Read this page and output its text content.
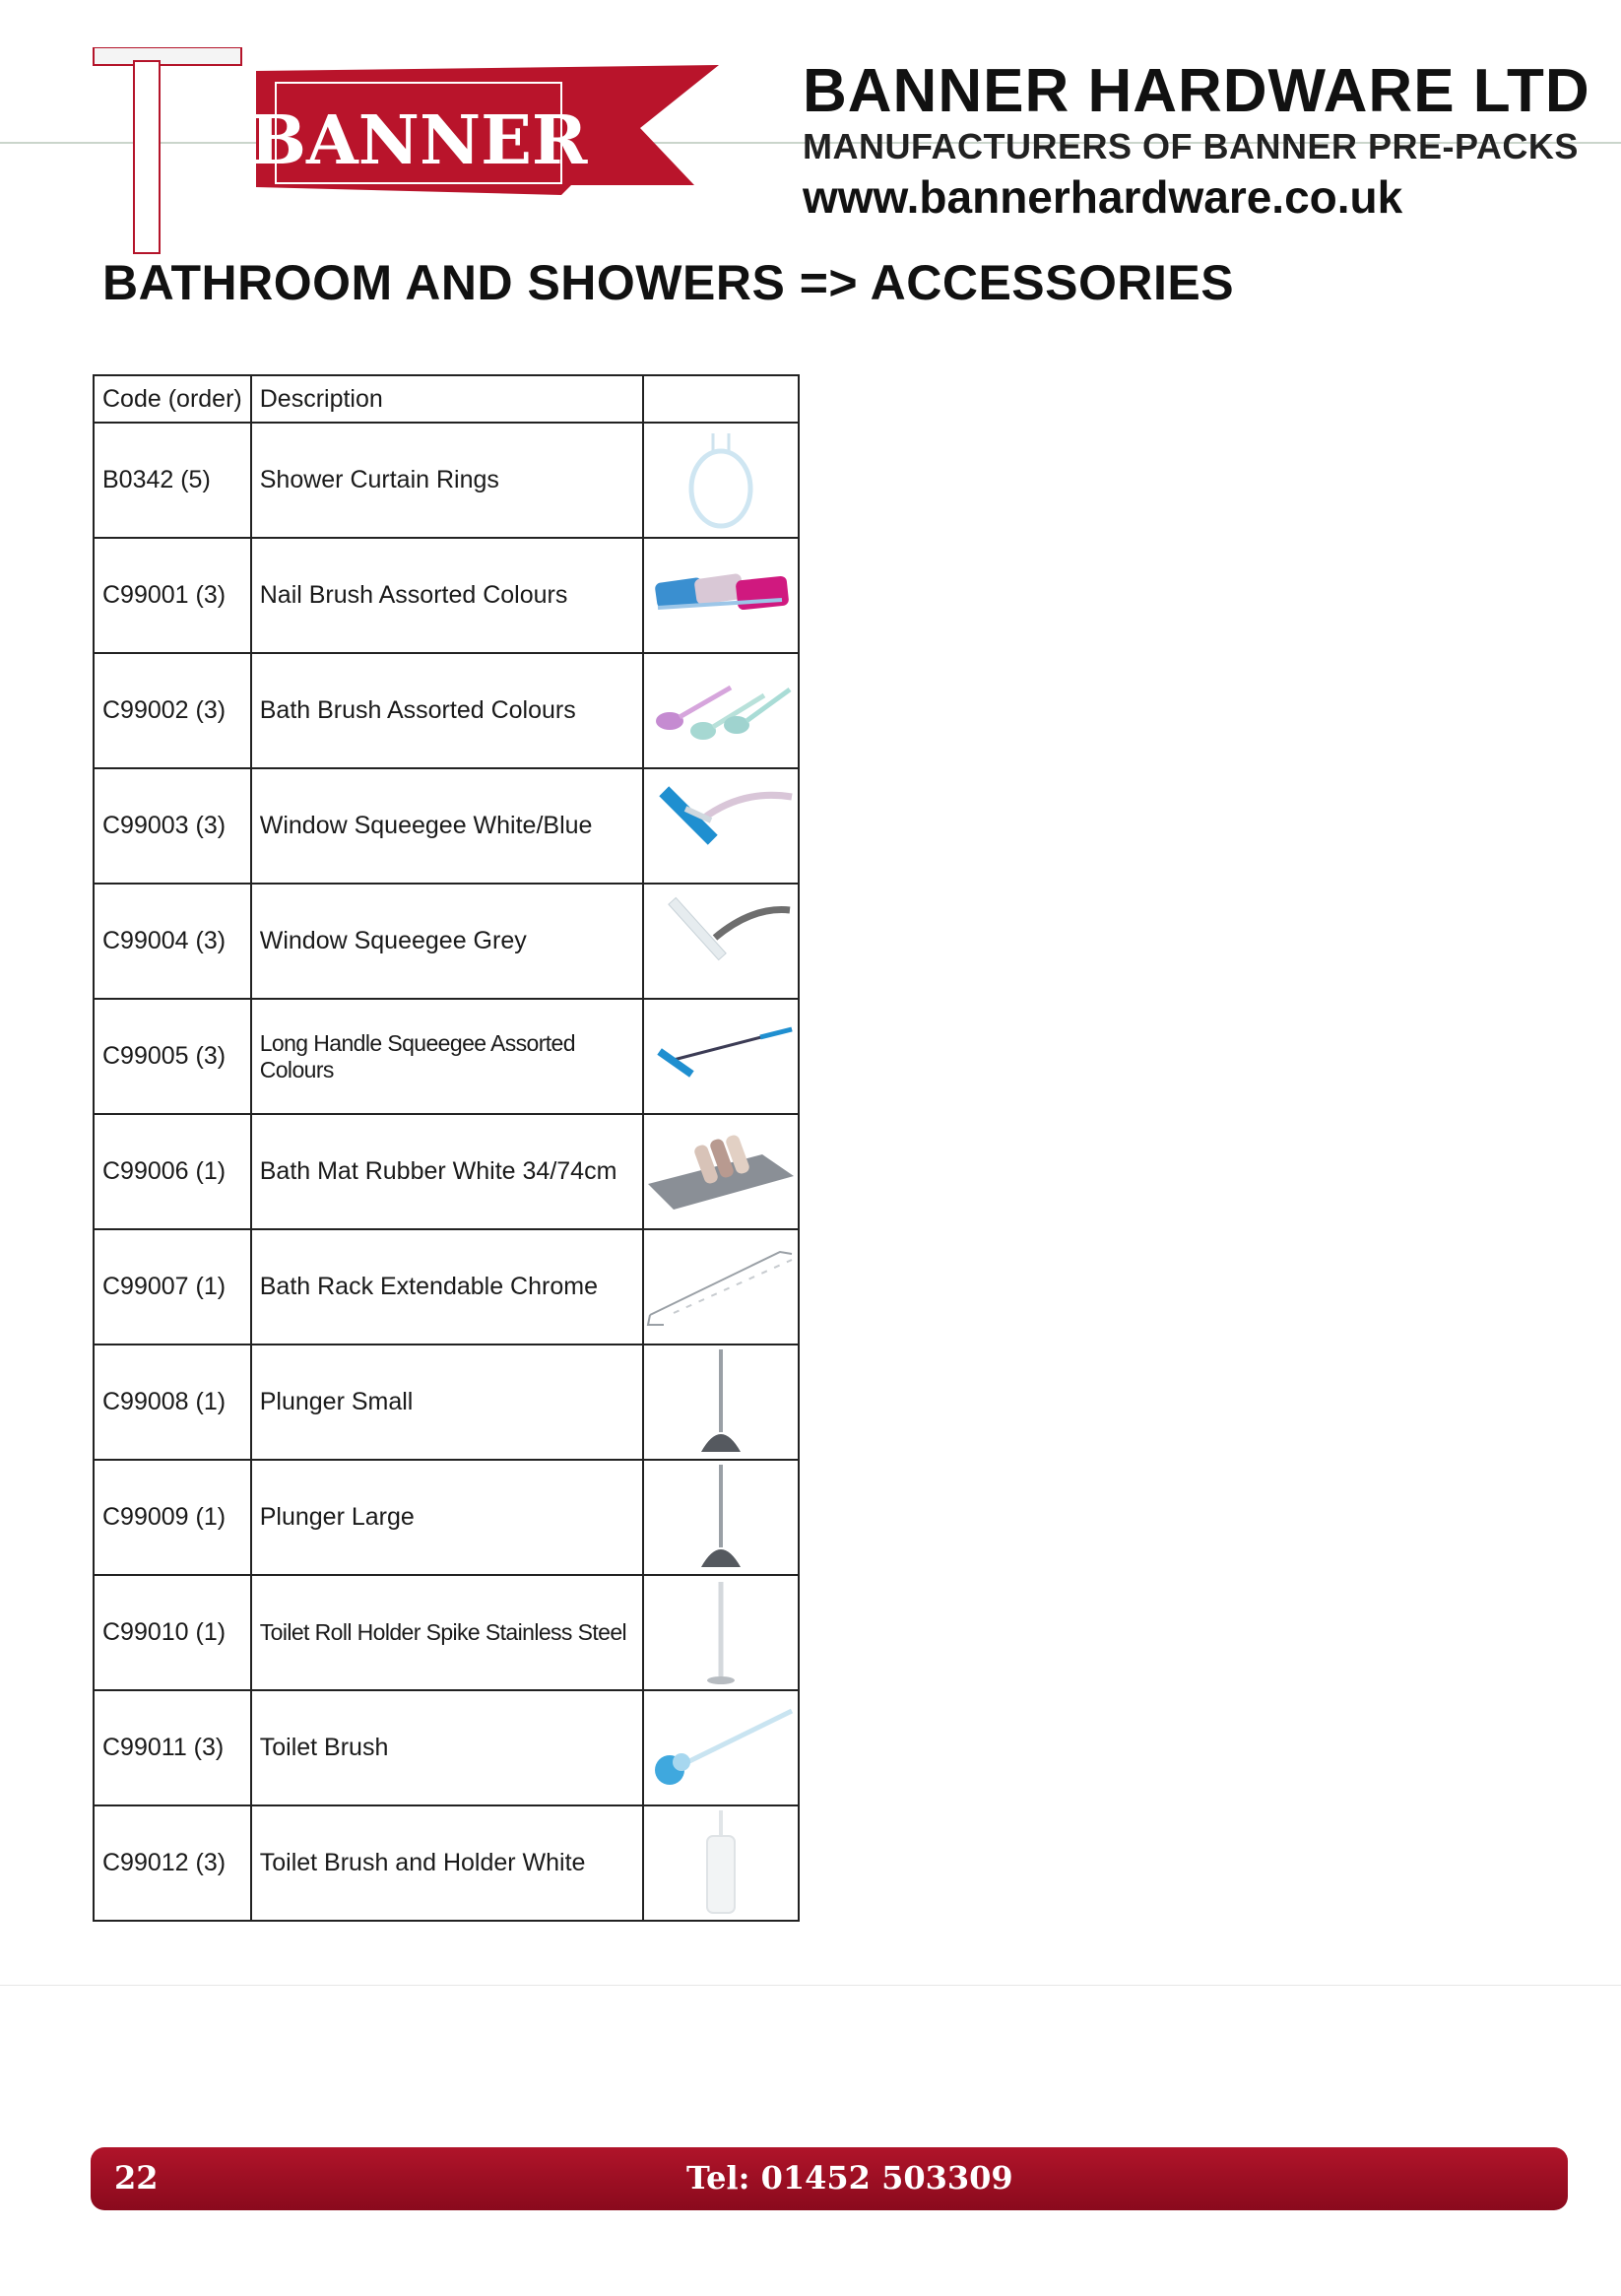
BANNER
BANNER HARDWARE LTD
MANUFACTURERS OF BANNER PRE-PACKS
www.bannerhardware.co.uk
BATHROOM AND SHOWERS => ACCESSORIES
Code (order)	Description	
B0342 (5)	Shower Curtain Rings	

C99001 (3)	Nail Brush Assorted Colours	

C99002 (3)	Bath Brush Assorted Colours	

C99003 (3)	Window Squeegee White/Blue	

C99004 (3)	Window Squeegee Grey	

C99005 (3)	Long Handle Squeegee Assorted Colours	

C99006 (1)	Bath Mat Rubber White 34/74cm	

C99007 (1)	Bath Rack Extendable Chrome	

C99008 (1)	Plunger Small	

C99009 (1)	Plunger Large	

C99010 (1)	Toilet Roll Holder Spike Stainless Steel	

C99011 (3)	Toilet Brush	

C99012 (3)	Toilet Brush and Holder White	
22	Tel: 01452 503309
